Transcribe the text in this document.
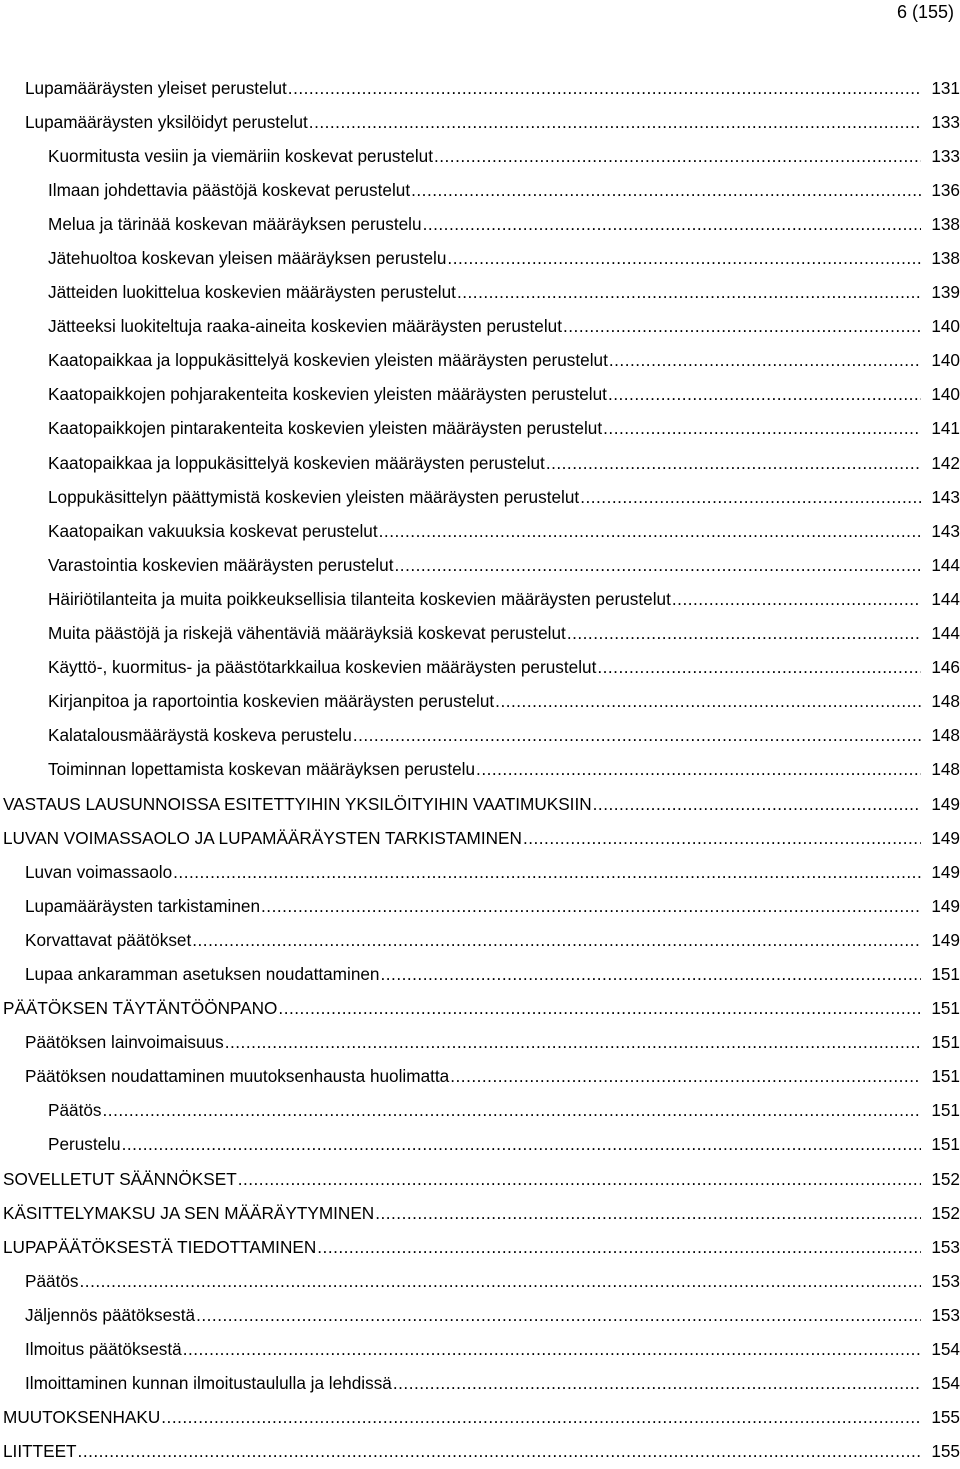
6 (155)
Lupamääräysten yleiset perustelut .....	131
Lupamääräysten yksilöidyt perustelut .....	133
Kuormitusta vesiin ja viemäriin koskevat perustelut .....	133
Ilmaan johdettavia päästöjä koskevat perustelut .....	136
Melua ja tärinää koskevan määräyksen perustelu .....	138
Jätehuoltoa koskevan yleisen määräyksen perustelu .....	138
Jätteiden luokittelua koskevien määräysten perustelut .....	139
Jätteeksi luokiteltuja raaka-aineita koskevien määräysten perustelut .....	140
Kaatopaikkaa ja loppukäsittelyä koskevien yleisten määräysten perustelut .....	140
Kaatopaikkojen pohjarakenteita koskevien yleisten määräysten perustelut .....	140
Kaatopaikkojen pintarakenteita koskevien yleisten määräysten perustelut .....	141
Kaatopaikkaa ja loppukäsittelyä koskevien määräysten perustelut .....	142
Loppukäsittelyn päättymistä koskevien yleisten määräysten perustelut .....	143
Kaatopaikan vakuuksia koskevat perustelut .....	143
Varastointia koskevien määräysten perustelut .....	144
Häiriötilanteita ja muita poikkeuksellisia tilanteita koskevien määräysten perustelut .....	144
Muita päästöjä ja riskejä vähentäviä määräyksiä koskevat perustelut .....	144
Käyttö-, kuormitus- ja päästötarkkailua koskevien määräysten perustelut .....	146
Kirjanpitoa ja raportointia koskevien määräysten perustelut .....	148
Kalatalousmääräystä koskeva perustelu .....	148
Toiminnan lopettamista koskevan määräyksen perustelu .....	148
VASTAUS LAUSUNNOISSA ESITETTYIHIN YKSILÖITYIHIN VAATIMUKSIIN .....	149
LUVAN VOIMASSAOLO JA LUPAMÄÄRÄYSTEN TARKISTAMINEN .....	149
Luvan voimassaolo .....	149
Lupamääräysten tarkistaminen .....	149
Korvattavat päätökset .....	149
Lupaa ankaramman asetuksen noudattaminen .....	151
PÄÄTÖKSEN TÄYTÄNTÖÖNPANO .....	151
Päätöksen lainvoimaisuus .....	151
Päätöksen noudattaminen muutoksenhausta huolimatta .....	151
Päätös .....	151
Perustelu .....	151
SOVELLETUT SÄÄNNÖKSET .....	152
KÄSITTELYMAKSU JA SEN MÄÄRÄYTYMINEN .....	152
LUPAPÄÄTÖKSESTÄ TIEDOTTAMINEN .....	153
Päätös .....	153
Jäljennös päätöksestä .....	153
Ilmoitus päätöksestä .....	154
Ilmoittaminen kunnan ilmoitustaululla ja lehdissä .....	154
MUUTOKSENHAKU .....	155
LIITTEET .....	155
